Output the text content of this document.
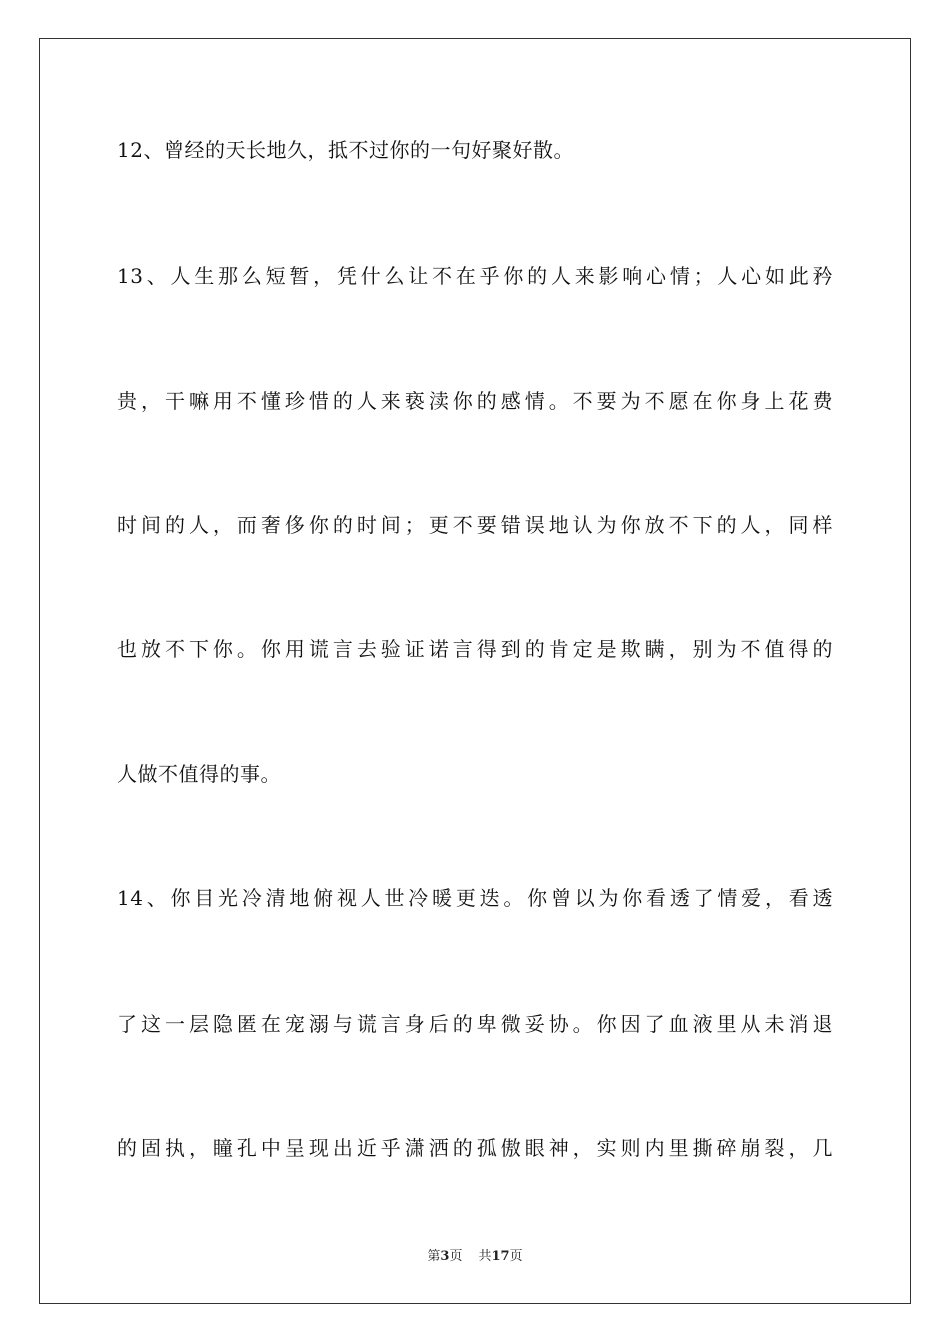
12、曾经的天长地久，抵不过你的一句好聚好散。
13、人生那么短暂，凭什么让不在乎你的人来影响心情；人心如此矜
贵，干嘛用不懂珍惜的人来亵渎你的感情。不要为不愿在你身上花费
时间的人，而奢侈你的时间；更不要错误地认为你放不下的人，同样
也放不下你。你用谎言去验证诺言得到的肯定是欺瞒，别为不值得的
人做不值得的事。
14、你目光冷清地俯视人世冷暖更迭。你曾以为你看透了情爱，看透
了这一层隐匿在宠溺与谎言身后的卑微妥协。你因了血液里从未消退
的固执，瞳孔中呈现出近乎潇洒的孤傲眼神，实则内里撕碎崩裂，几
第3页 共17页
